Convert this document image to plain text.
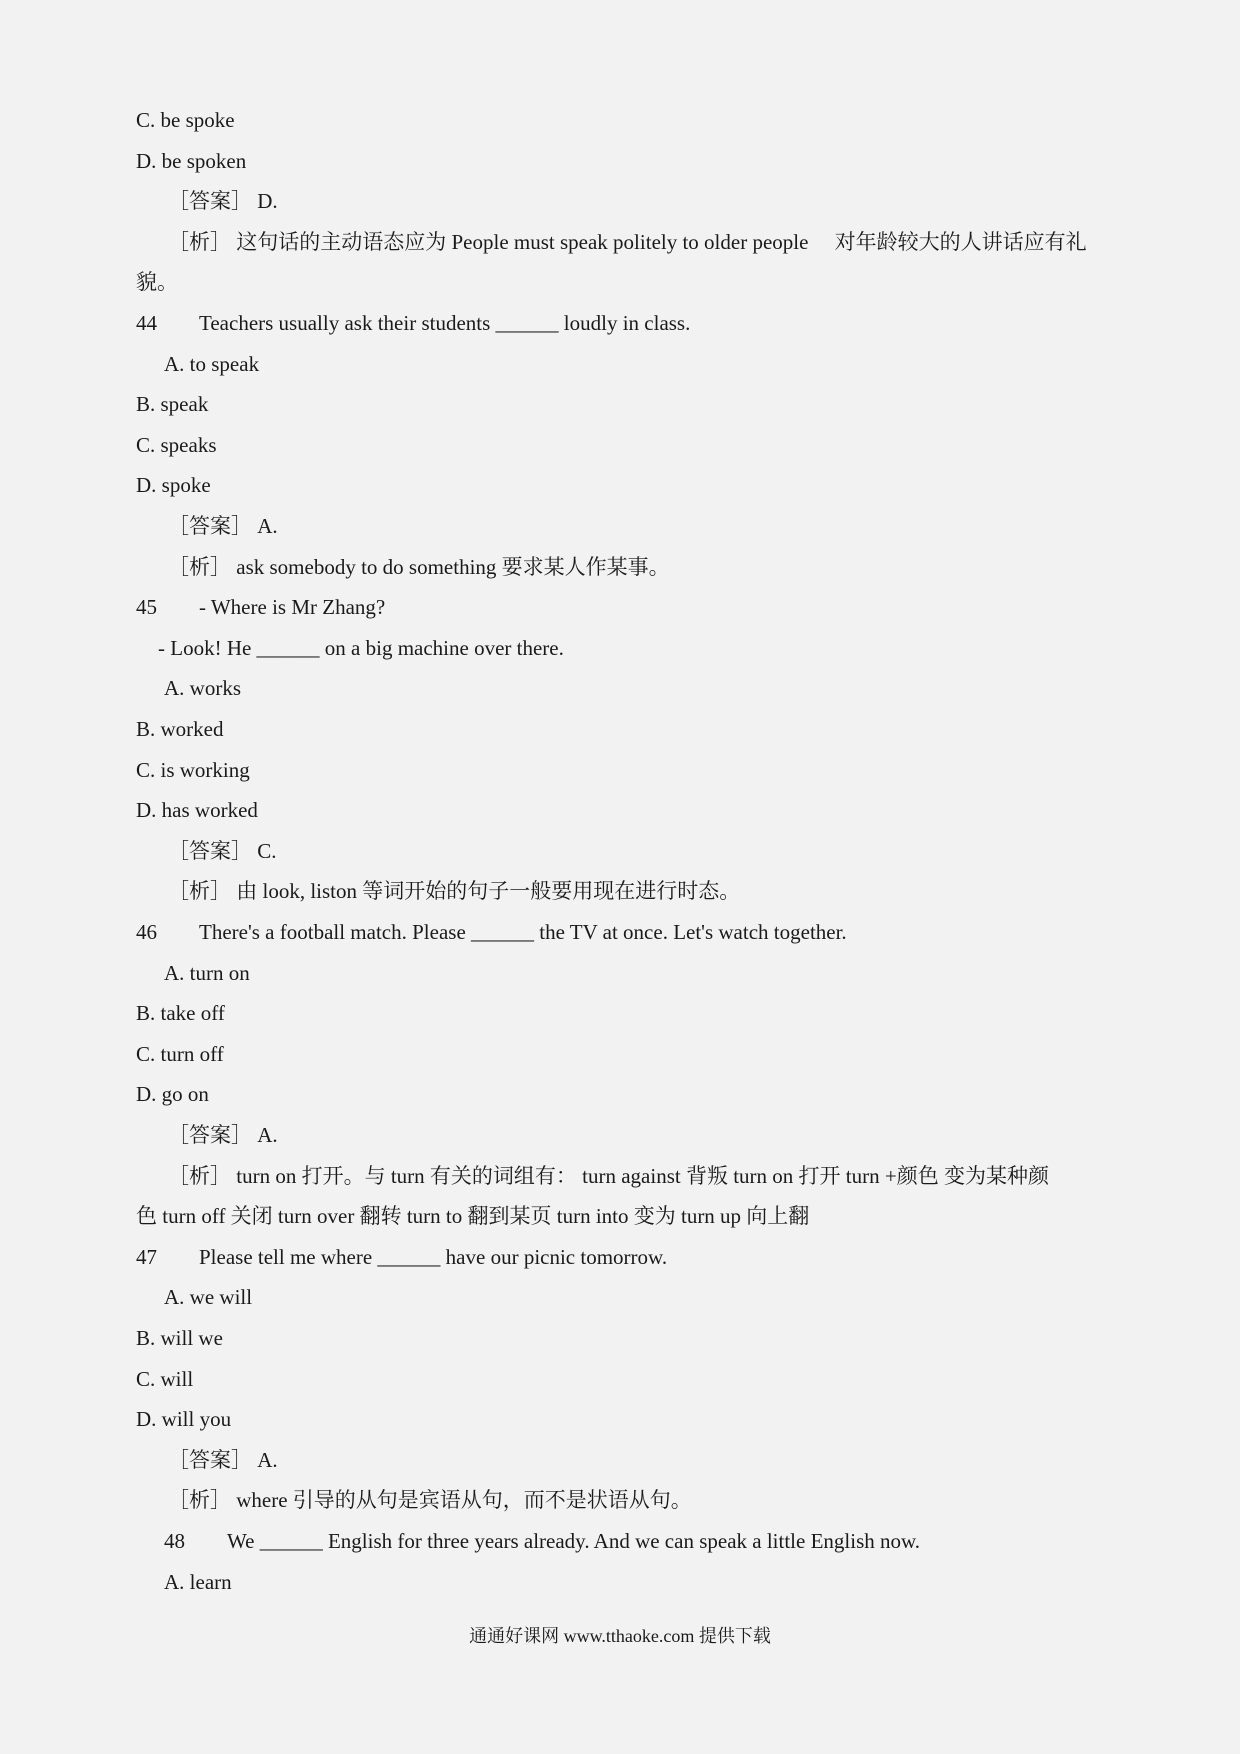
C. be spoke
D. be spoken
［答案］ D.
［析］ 这句话的主动语态应为 People must speak politely to older people　 对年龄较大的人讲话应有礼
貌。
44　　Teachers usually ask their students ______ loudly in class.
A. to speak
B. speak
C. speaks
D. spoke
［答案］ A.
［析］ ask somebody to do something 要求某人作某事。
45　　- Where is Mr Zhang?
- Look! He ______ on a big machine over there.
A. works
B. worked
C. is working
D. has worked
［答案］ C.
［析］ 由 look, liston 等词开始的句子一般要用现在进行时态。
46　　There's a football match. Please ______ the TV at once. Let's watch together.
A. turn on
B. take off
C. turn off
D. go on
［答案］ A.
［析］ turn on 打开。与 turn 有关的词组有： turn against 背叛 turn on 打开 turn +颜色 变为某种颜
色 turn off 关闭 turn over 翻转 turn to 翻到某页 turn into 变为 turn up 向上翻
47　　Please tell me where ______ have our picnic tomorrow.
A. we will
B. will we
C. will
D. will you
［答案］ A.
［析］ where 引导的从句是宾语从句，而不是状语从句。
48　　We ______ English for three years already. And we can speak a little English now.
A. learn
通通好课网 www.tthaoke.com 提供下载
